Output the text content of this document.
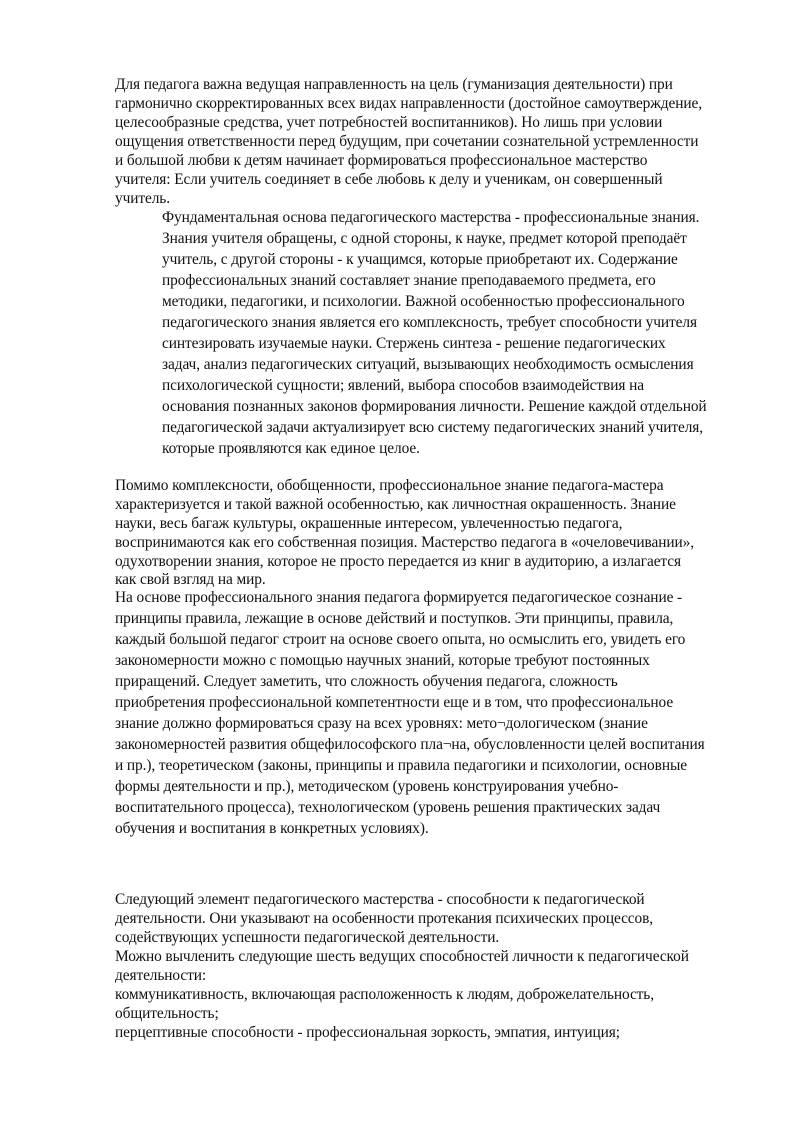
Для педагога важна ведущая направленность на цель (гуманизация деятельности) при
гармонично скорректированных всех видах направленности (достойное самоутверждение,
целесообразные средства, учет потребностей воспитанников). Но лишь при условии
ощущения ответственности перед будущим, при сочетании сознательной устремленности
и большой любви к детям начинает формироваться профессиональное мастерство
учителя: Если учитель соединяет в себе любовь к делу и ученикам, он совершенный
учитель.
Фундаментальная основа педагогического мастерства - профессиональные знания.
Знания учителя обращены, с одной стороны, к науке, предмет которой преподаёт
учитель, с другой стороны - к учащимся, которые приобретают их. Содержание
профессиональных знаний составляет знание преподаваемого предмета, его
методики, педагогики, и психологии. Важной особенностью профессионального
педагогического знания является его комплексность, требует способности учителя
синтезировать изучаемые науки. Стержень синтеза - решение педагогических
задач, анализ педагогических ситуаций, вызывающих необходимость осмысления
психологической сущности; явлений, выбора способов взаимодействия на
основания познанных законов формирования личности. Решение каждой отдельной
педагогической задачи актуализирует всю систему педагогических знаний учителя,
которые проявляются как единое целое.
Помимо комплексности, обобщенности, профессиональное знание педагога-мастера
характеризуется и такой важной особенностью, как личностная окрашенность. Знание
науки, весь багаж культуры, окрашенные интересом, увлеченностью педагога,
воспринимаются как его собственная позиция. Мастерство педагога в «очеловечивании»,
одухотворении знания, которое не просто передается из книг в аудиторию, а излагается
как свой взгляд на мир.
На основе профессионального знания педагога формируется педагогическое сознание -
принципы правила, лежащие в основе действий и поступков. Эти принципы, правила,
каждый большой педагог строит на основе своего опыта, но осмыслить его, увидеть его
закономерности можно с помощью научных знаний, которые требуют постоянных
приращений. Следует заметить, что сложность обучения педагога, сложность
приобретения профессиональной компетентности еще и в том, что профессиональное
знание должно формироваться сразу на всех уровнях: мето¬дологическом (знание
закономерностей развития общефилософского пла¬на, обусловленности целей воспитания
и пр.), теоретическом (законы, принципы и правила педагогики и психологии, основные
формы деятельности и пр.), методическом (уровень конструирования учебно-
воспитательного процесса), технологическом (уровень решения практических задач
обучения и воспитания в конкретных условиях).
Следующий элемент педагогического мастерства - способности к педагогической
деятельности. Они указывают на особенности протекания психических процессов,
содействующих успешности педагогической деятельности.
Можно вычленить следующие шесть ведущих способностей личности к педагогической
деятельности:
коммуникативность, включающая расположенность к людям, доброжелательность,
общительность;
перцептивные способности - профессиональная зоркость, эмпатия, интуиция;
